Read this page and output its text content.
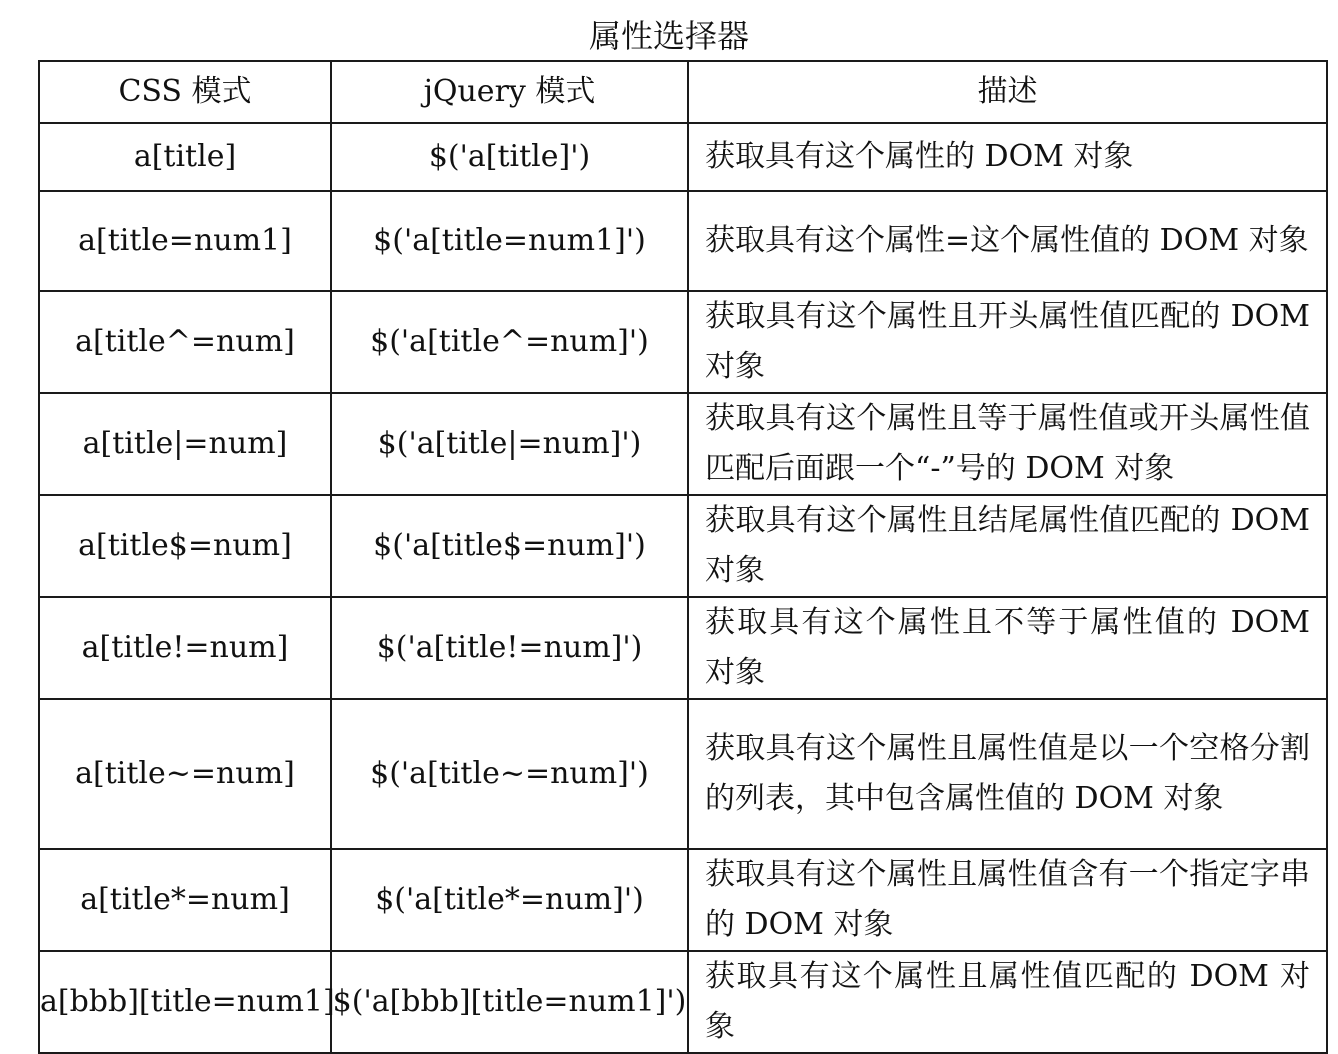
属性选择器
CSS 模式	jQuery 模式	描述
a[title]	$('a[title]')	获取具有这个属性的 DOM 对象
a[title=num1]	$('a[title=num1]')	获取具有这个属性=这个属性值的 DOM 对象
a[title^=num]	$('a[title^=num]')	获取具有这个属性且开头属性值匹配的 DOM 对象
a[title|=num]	$('a[title|=num]')	获取具有这个属性且等于属性值或开头属性值匹配后面跟一个“-”号的 DOM 对象
a[title$=num]	$('a[title$=num]')	获取具有这个属性且结尾属性值匹配的 DOM 对象
a[title!=num]	$('a[title!=num]')	获取具有这个属性且不等于属性值的 DOM 对象
a[title~=num]	$('a[title~=num]')	获取具有这个属性且属性值是以一个空格分割的列表，其中包含属性值的 DOM 对象
a[title*=num]	$('a[title*=num]')	获取具有这个属性且属性值含有一个指定字串的 DOM 对象
a[bbb][title=num1]	$('a[bbb][title=num1]')	获取具有这个属性且属性值匹配的 DOM 对象
